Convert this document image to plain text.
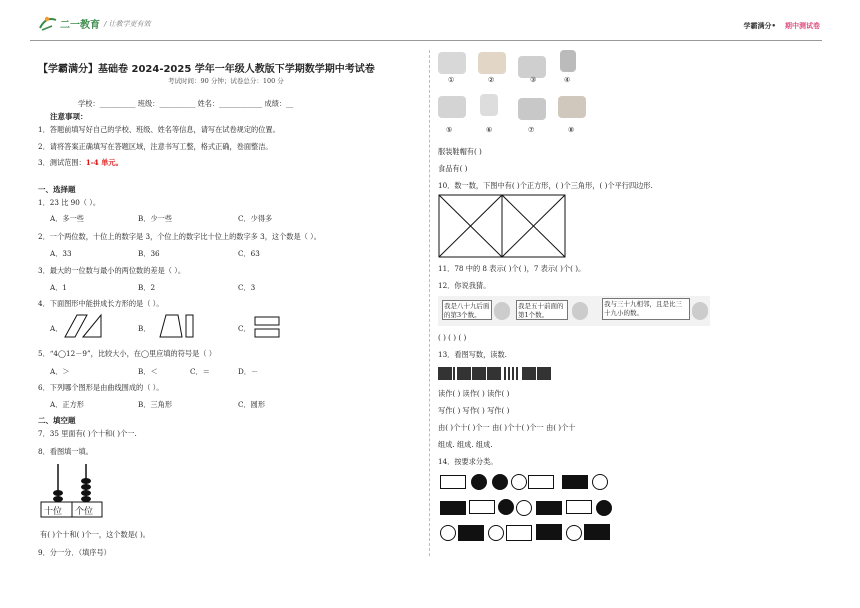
二一教育 / 让教学更有效	学霸满分• 期中测试卷
【学霸满分】基础卷 2024-2025 学年一年级人教版下学期数学期中考试卷
考试时间：90 分钟；试卷总分：100 分
学校：__________ 班级：__________ 姓名：____________ 成绩：__
注意事项：
1．答题前填写好自己的学校、班级、姓名等信息，请写在试卷规定的位置。
2．请将答案正确填写在答题区域，注意书写工整，格式正确，卷面整洁。
3．测试范围：1-4 单元。
一、选择题
1．23 比 90（ ）。
A．多一些	B．少一些	C．少得多
2．一个两位数，十位上的数字是 3，个位上的数字比十位上的数字多 3，这个数是（ ）。
A．33	B．36	C．63
3．最大的一位数与最小的两位数的差是（ ）。
A．1	B．2	C．3
4．下面图形中能拼成长方形的是（ ）。
A．	B．	C．
5．“4◯12－9”，比较大小，在◯里应填的符号是（ ）
A．＞	B．＜	C．＝	D．－
6．下列哪个图形是由曲线围成的（ ）。
A．正方形	B．三角形	C．圆形
二、填空题
7．35 里面有( )个十和( )个一.
8．看图填一填。
十位 个位
有( )个十和( )个一，这个数是( )。
9．分一分．（填序号）
①	②	③	④
⑤	⑥	⑦	⑧
服装鞋帽有( )
食品有( )
10．数一数，下图中有( )个正方形，( )个三角形，( )个平行四边形.
11．78 中的 8 表示( )个( )，7 表示( )个( )。
12．你说我猜。
我是八十九后面的第3个数。
我是五十前面的第1个数。
我与三十九相邻，且是比三十九小的数。
( ) ( ) ( )
13．看图写数，读数.
读作( ) 读作( ) 读作( )
写作( ) 写作( ) 写作( )
由( )个十( )个一 由( )个十( )个一 由( )个十
组成. 组成. 组成.
14．按要求分类。
